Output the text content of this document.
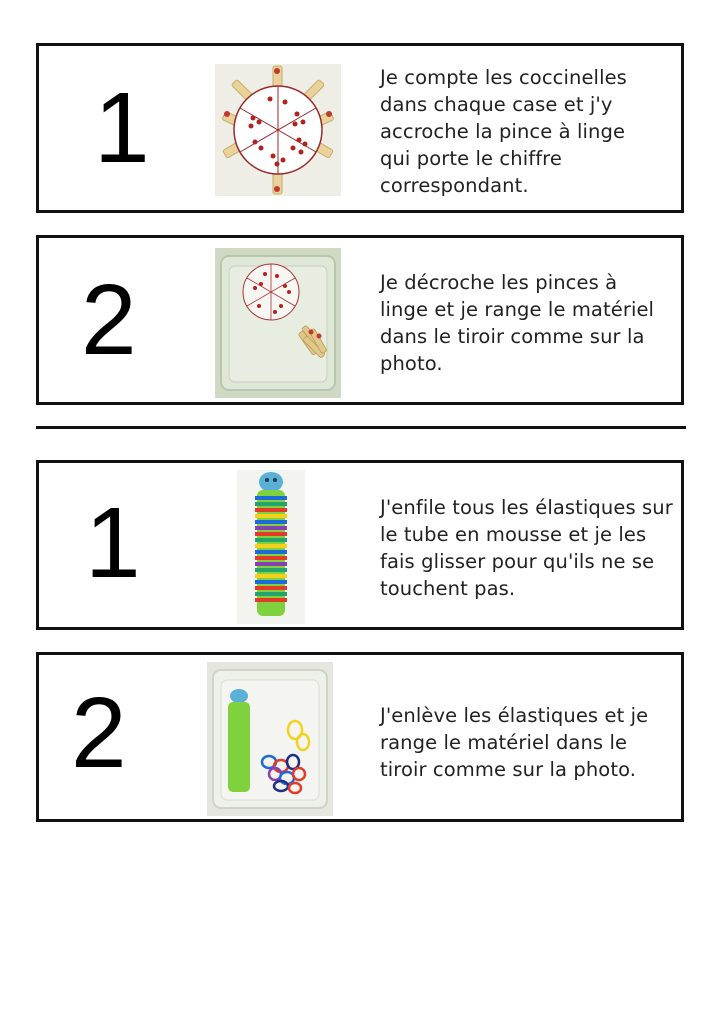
1	Je compte les coccinelles
dans chaque case et j'y
accroche la pince à linge
qui porte le chiffre
correspondant.
2	Je décroche les pinces à
linge et je range le matériel
dans le tiroir comme sur la
photo.
1	J'enfile tous les élastiques sur
le tube en mousse et je les
fais glisser pour qu'ils ne se
touchent pas.
2	J'enlève les élastiques et je
range le matériel dans le
tiroir comme sur la photo.
